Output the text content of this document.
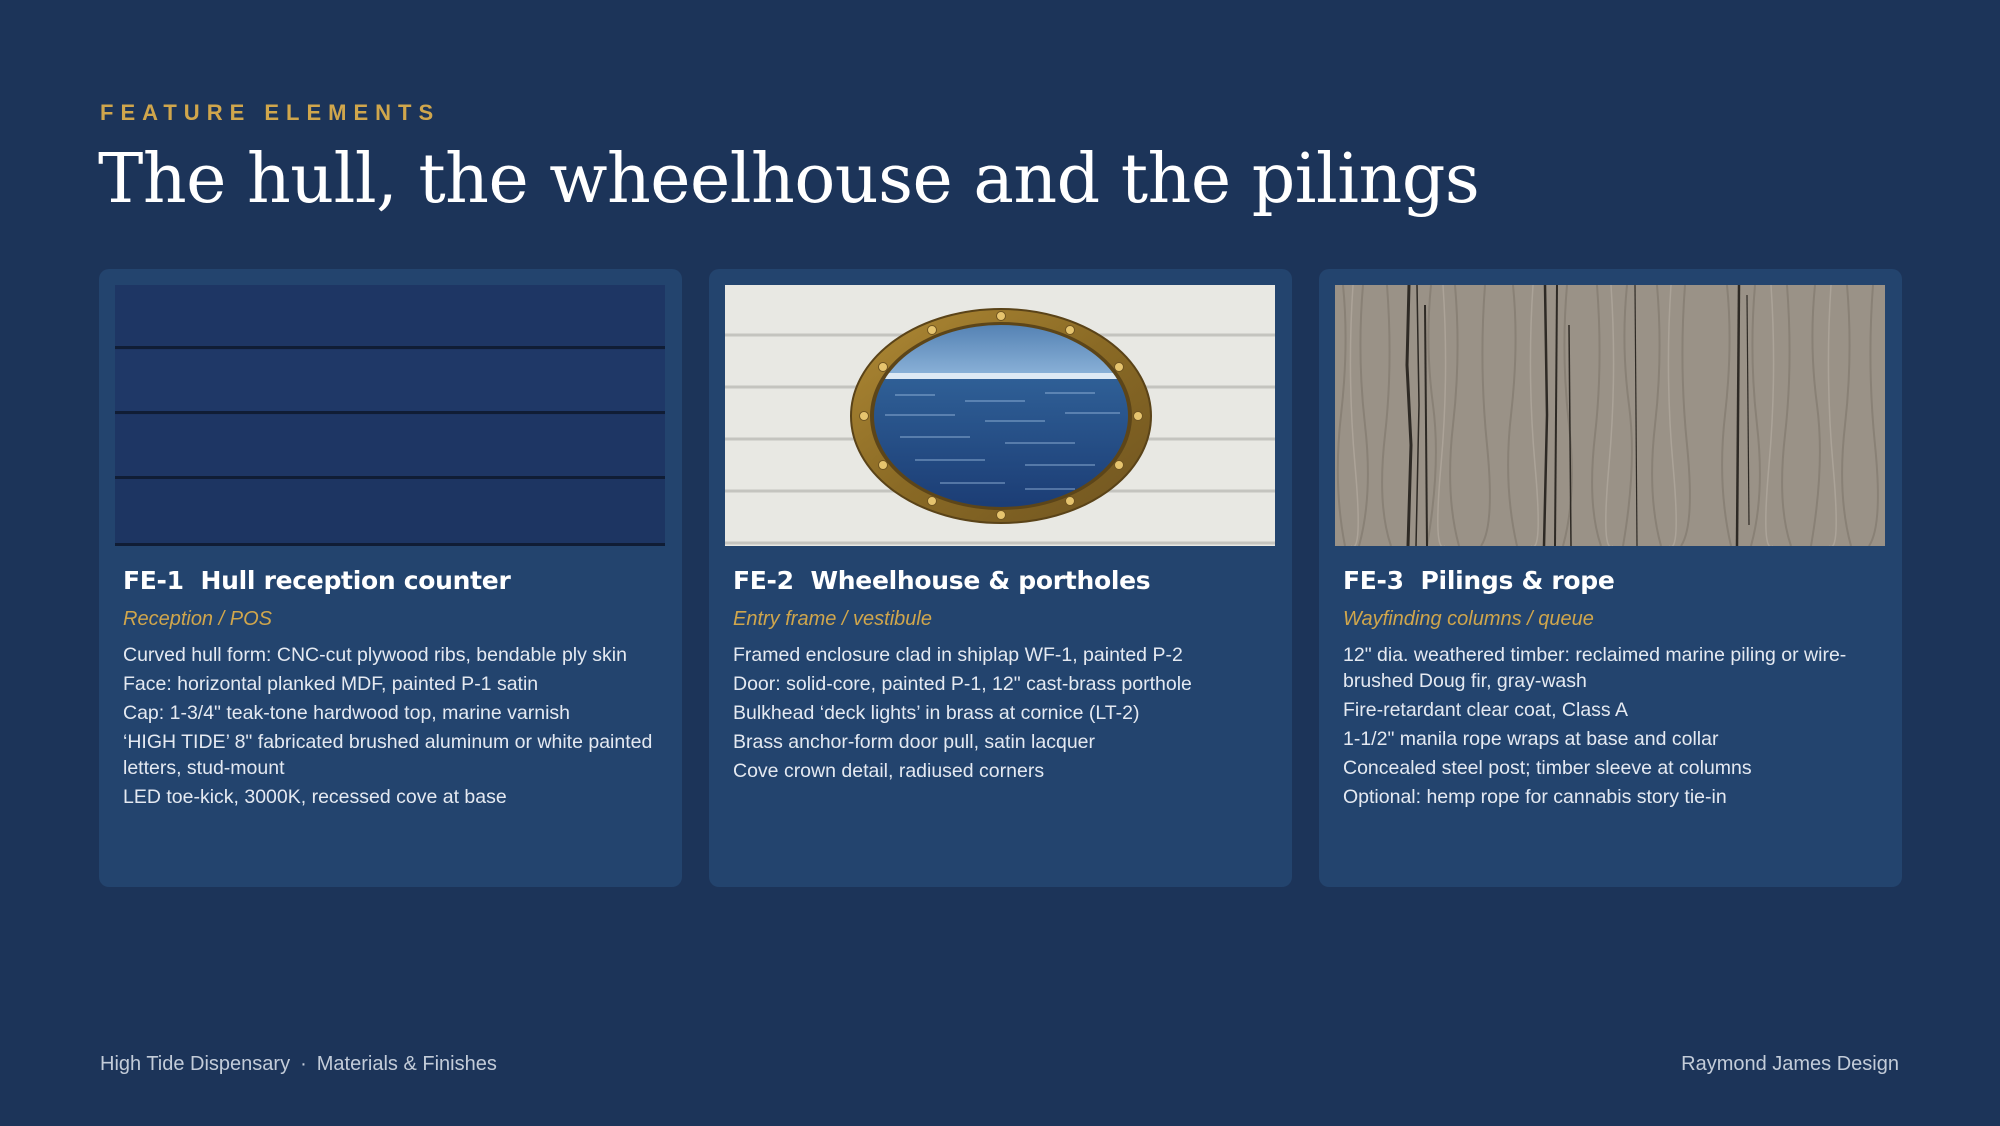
FEATURE ELEMENTS
The hull, the wheelhouse and the pilings
FE-1  Hull reception counter
Reception / POS
Curved hull form: CNC-cut plywood ribs, bendable ply skin
Face: horizontal planked MDF, painted P-1 satin
Cap: 1-3/4" teak-tone hardwood top, marine varnish
‘HIGH TIDE’ 8" fabricated brushed aluminum or white painted  letters, stud-mount
LED toe-kick, 3000K, recessed cove at base
FE-2  Wheelhouse & portholes
Entry frame / vestibule
Framed enclosure clad in shiplap WF-1, painted P-2
Door: solid-core, painted P-1, 12" cast-brass porthole
Bulkhead ‘deck lights’ in brass at cornice (LT-2)
Brass anchor-form door pull, satin lacquer
Cove crown detail, radiused corners
FE-3  Pilings & rope
Wayfinding columns / queue
12" dia. weathered timber: reclaimed marine piling or wire-brushed Doug fir, gray-wash
Fire-retardant clear coat, Class A
1-1/2" manila rope wraps at base and collar
Concealed steel post; timber sleeve at columns
Optional: hemp rope for cannabis story tie-in
High Tide Dispensary · Materials & Finishes	Raymond James Design
